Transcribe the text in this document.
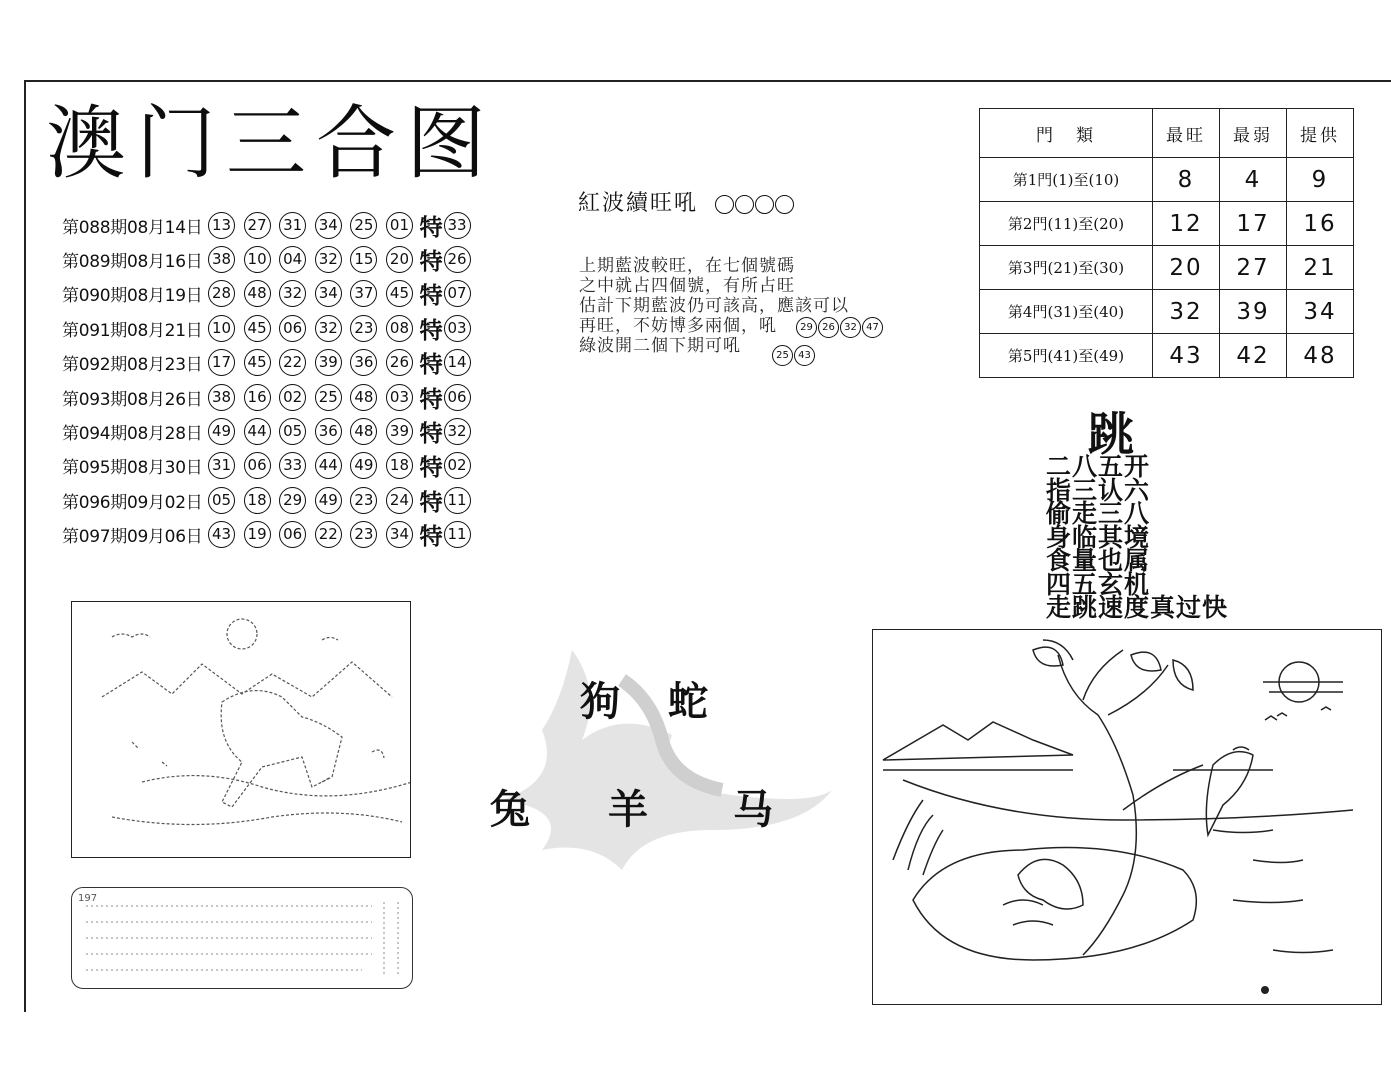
澳门三合图
第088期08月14日 13 27 31 34 25 01 特 33
第089期08月16日 38 10 04 32 15 20 特 26
第090期08月19日 28 48 32 34 37 45 特 07
第091期08月21日 10 45 06 32 23 08 特 03
第092期08月23日 17 45 22 39 36 26 特 14
第093期08月26日 38 16 02 25 48 03 特 06
第094期08月28日 49 44 05 36 48 39 特 32
第095期08月30日 31 06 33 44 49 18 特 02
第096期09月02日 05 18 29 49 23 24 特 11
第097期09月06日 43 19 06 22 23 34 特 11
紅波續旺吼
上期藍波較旺，在七個號碼
之中就占四個號，有所占旺
估計下期藍波仍可該高，應該可以
再旺，不妨博多兩個，吼
綠波開二個下期可吼
29 26 32 47
25 43
門　類	最旺	最弱	提供
第1門(1)至(10)	8	4	9
第2門(11)至(20)	12	17	16
第3門(21)至(30)	20	27	21
第4門(31)至(40)	32	39	34
第5門(41)至(49)	43	42	48
跳
二八五开
指三认六
偷走三八
身临其境
食量也属
四五玄机
走跳速度真过快
197
狗 蛇
兔 羊 马
